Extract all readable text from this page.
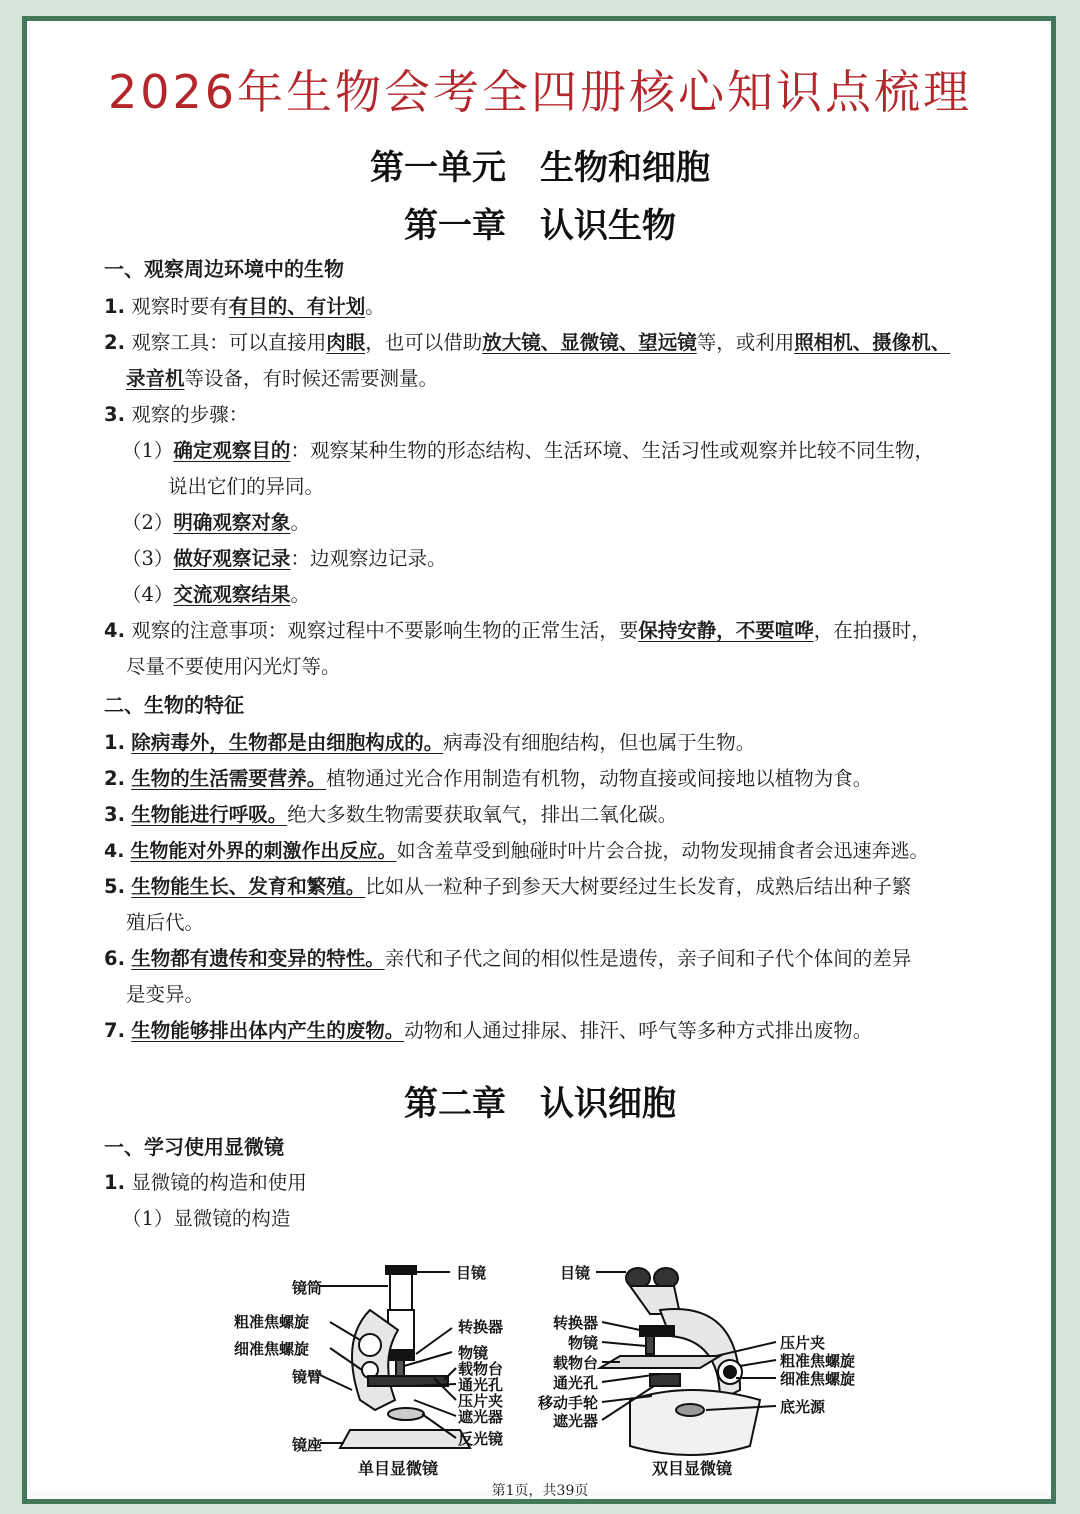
2026年生物会考全四册核心知识点梳理
第一单元　生物和细胞
第一章　认识生物
一、观察周边环境中的生物
1. 观察时要有有目的、有计划。
2. 观察工具：可以直接用肉眼，也可以借助放大镜、显微镜、望远镜等，或利用照相机、摄像机、
录音机等设备，有时候还需要测量。
3. 观察的步骤：
（1）确定观察目的：观察某种生物的形态结构、生活环境、生活习性或观察并比较不同生物，
说出它们的异同。
（2）明确观察对象。
（3）做好观察记录：边观察边记录。
（4）交流观察结果。
4. 观察的注意事项：观察过程中不要影响生物的正常生活，要保持安静，不要喧哗，在拍摄时，
尽量不要使用闪光灯等。
二、生物的特征
1. 除病毒外，生物都是由细胞构成的。病毒没有细胞结构，但也属于生物。
2. 生物的生活需要营养。植物通过光合作用制造有机物，动物直接或间接地以植物为食。
3. 生物能进行呼吸。绝大多数生物需要获取氧气，排出二氧化碳。
4. 生物能对外界的刺激作出反应。如含羞草受到触碰时叶片会合拢，动物发现捕食者会迅速奔逃。
5. 生物能生长、发育和繁殖。比如从一粒种子到参天大树要经过生长发育，成熟后结出种子繁
殖后代。
6. 生物都有遗传和变异的特性。亲代和子代之间的相似性是遗传，亲子间和子代个体间的差异
是变异。
7. 生物能够排出体内产生的废物。动物和人通过排尿、排汗、呼气等多种方式排出废物。
第二章　认识细胞
一、学习使用显微镜
1. 显微镜的构造和使用
（1）显微镜的构造
镜筒
粗准焦螺旋
细准焦螺旋
镜臂
镜座
目镜
转换器
物镜
载物台
通光孔
压片夹
遮光器
反光镜
单目显微镜
目镜
转换器
物镜
载物台
通光孔
移动手轮
遮光器
压片夹
粗准焦螺旋
细准焦螺旋
底光源
双目显微镜
第1页，共39页
